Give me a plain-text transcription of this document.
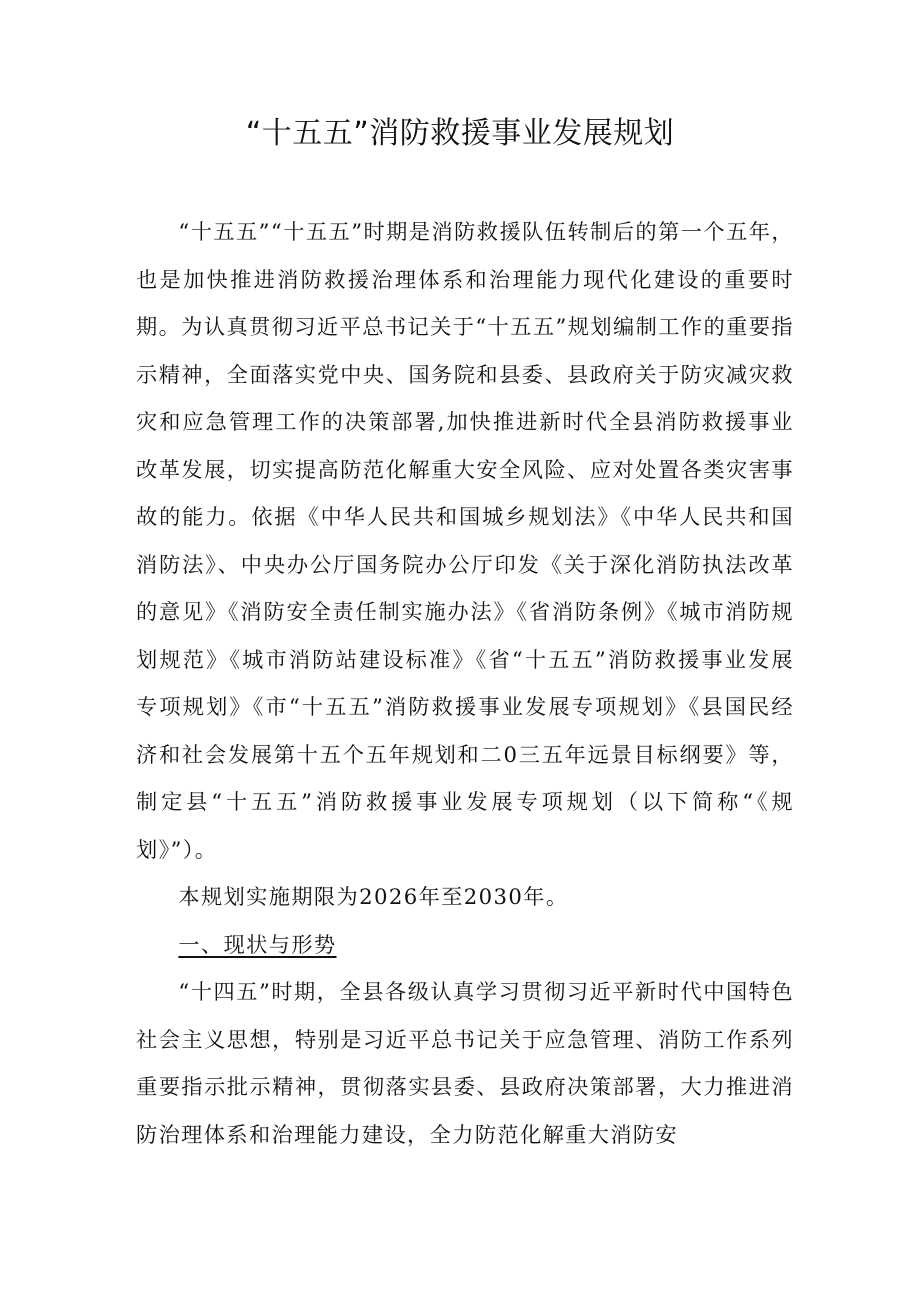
“十五五”消防救援事业发展规划

“十五五”“十五五”时期是消防救援队伍转制后的第一个五年，也是加快推进消防救援治理体系和治理能力现代化建设的重要时期。为认真贯彻习近平总书记关于“十五五”规划编制工作的重要指示精神，全面落实党中央、国务院和县委、县政府关于防灾减灾救灾和应急管理工作的决策部署,加快推进新时代全县消防救援事业改革发展，切实提高防范化解重大安全风险、应对处置各类灾害事故的能力。依据《中华人民共和国城乡规划法》《中华人民共和国消防法》、中央办公厅国务院办公厅印发《关于深化消防执法改革的意见》《消防安全责任制实施办法》《省消防条例》《城市消防规划规范》《城市消防站建设标准》《省“十五五”消防救援事业发展专项规划》《市“十五五”消防救援事业发展专项规划》《县国民经济和社会发展第十五个五年规划和二0三五年远景目标纲要》等，制定县“十五五”消防救援事业发展专项规划（以下简称“《规划》”）。

本规划实施期限为2026年至2030年。

一、现状与形势

“十四五”时期，全县各级认真学习贯彻习近平新时代中国特色社会主义思想，特别是习近平总书记关于应急管理、消防工作系列重要指示批示精神，贯彻落实县委、县政府决策部署，大力推进消防治理体系和治理能力建设，全力防范化解重大消防安
